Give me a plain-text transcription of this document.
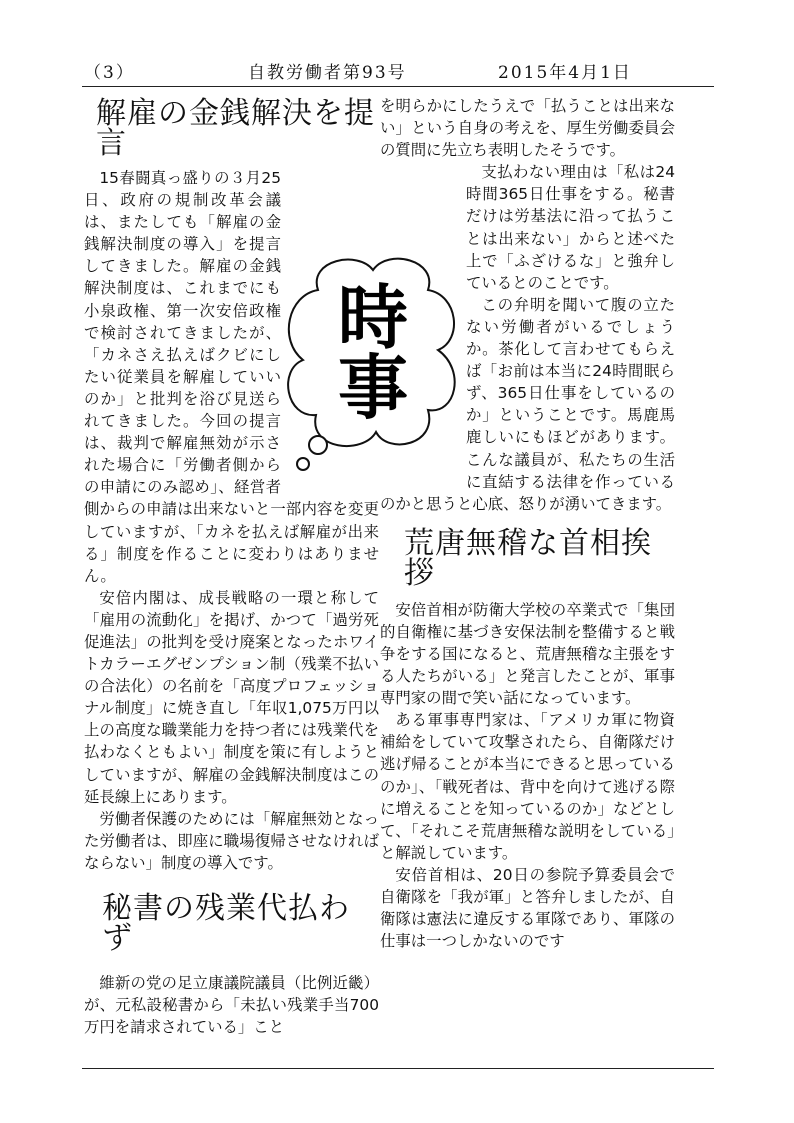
（3）	自教労働者第93号	2015年4月1日
時
事
解雇の金銭解決を提言

15春闘真っ盛りの３月25日、政府の規制改革会議は、またしても「解雇の金銭解決制度の導入」を提言してきました。解雇の金銭解決制度は、これまでにも小泉政権、第一次安倍政権で検討されてきましたが、「カネさえ払えばクビにしたい従業員を解雇していいのか」と批判を浴び見送られてきました。今回の提言は、裁判で解雇無効が示された場合に「労働者側からの申請にのみ認め」、経営者側からの申請は出来ないと一部内容を変更していますが、「カネを払えば解雇が出来る」制度を作ることに変わりはありません。

安倍内閣は、成長戦略の一環と称して「雇用の流動化」を掲げ、かつて「過労死促進法」の批判を受け廃案となったホワイトカラーエグゼンプション制（残業不払いの合法化）の名前を「高度プロフェッショナル制度」に焼き直し「年収1,075万円以上の高度な職業能力を持つ者には残業代を払わなくともよい」制度を策に有しようとしていますが、解雇の金銭解決制度はこの延長線上にあります。

労働者保護のためには「解雇無効となった労働者は、即座に職場復帰させなければならない」制度の導入です。

秘書の残業代払わず

維新の党の足立康議院議員（比例近畿）が、元私設秘書から「未払い残業手当700万円を請求されている」こと

を明らかにしたうえで「払うことは出来ない」という自身の考えを、厚生労働委員会の質問に先立ち表明したそうです。

支払わない理由は「私は24時間365日仕事をする。秘書だけは労基法に沿って払うことは出来ない」からと述べた上で「ふざけるな」と強弁しているとのことです。

この弁明を聞いて腹の立たない労働者がいるでしょうか。茶化して言わせてもらえば「お前は本当に24時間眠らず、365日仕事をしているのか」ということです。馬鹿馬鹿しいにもほどがあります。こんな議員が、私たちの生活に直結する法律を作っているのかと思うと心底、怒りが湧いてきます。

荒唐無稽な首相挨拶

安倍首相が防衛大学校の卒業式で「集団的自衛権に基づき安保法制を整備すると戦争をする国になると、荒唐無稽な主張をする人たちがいる」と発言したことが、軍事専門家の間で笑い話になっています。

ある軍事専門家は、「アメリカ軍に物資補給をしていて攻撃されたら、自衛隊だけ逃げ帰ることが本当にできると思っているのか」、「戦死者は、背中を向けて逃げる際に増えることを知っているのか」などとして、「それこそ荒唐無稽な説明をしている」と解説しています。

安倍首相は、20日の参院予算委員会で自衛隊を「我が軍」と答弁しましたが、自衛隊は憲法に違反する軍隊であり、軍隊の仕事は一つしかないのです
